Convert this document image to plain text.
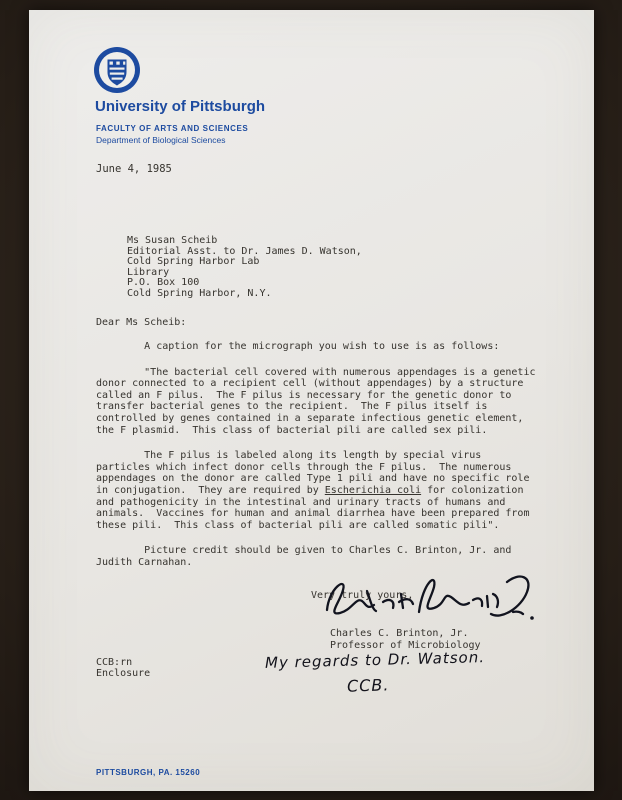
University of Pittsburgh
FACULTY OF ARTS AND SCIENCES
Department of Biological Sciences
June 4, 1985
Ms Susan Scheib
Editorial Asst. to Dr. James D. Watson,
Cold Spring Harbor Lab
Library
P.O. Box 100
Cold Spring Harbor, N.Y.
Dear Ms Scheib:

A caption for the micrograph you wish to use is as follows:

"The bacterial cell covered with numerous appendages is a genetic donor connected to a recipient cell (without appendages) by a structure called an F pilus.  The F pilus is necessary for the genetic donor to transfer bacterial genes to the recipient.  The F pilus itself is controlled by genes contained in a separate infectious genetic element, the F plasmid.  This class of bacterial pili are called sex pili.

The F pilus is labeled along its length by special virus particles which infect donor cells through the F pilus.  The numerous appendages on the donor are called Type 1 pili and have no specific role in conjugation.  They are required by Escherichia coli for colonization and pathogenicity in the intestinal and urinary tracts of humans and animals.  Vaccines for human and animal diarrhea have been prepared from these pili.  This class of bacterial pili are called somatic pili".

Picture credit should be given to Charles C. Brinton, Jr. and Judith Carnahan.

Very truly yours,
Charles C. Brinton, Jr.
Professor of Microbiology
CCB:rn
Enclosure
My regards to Dr. Watson.
CCB.
PITTSBURGH, PA. 15260
